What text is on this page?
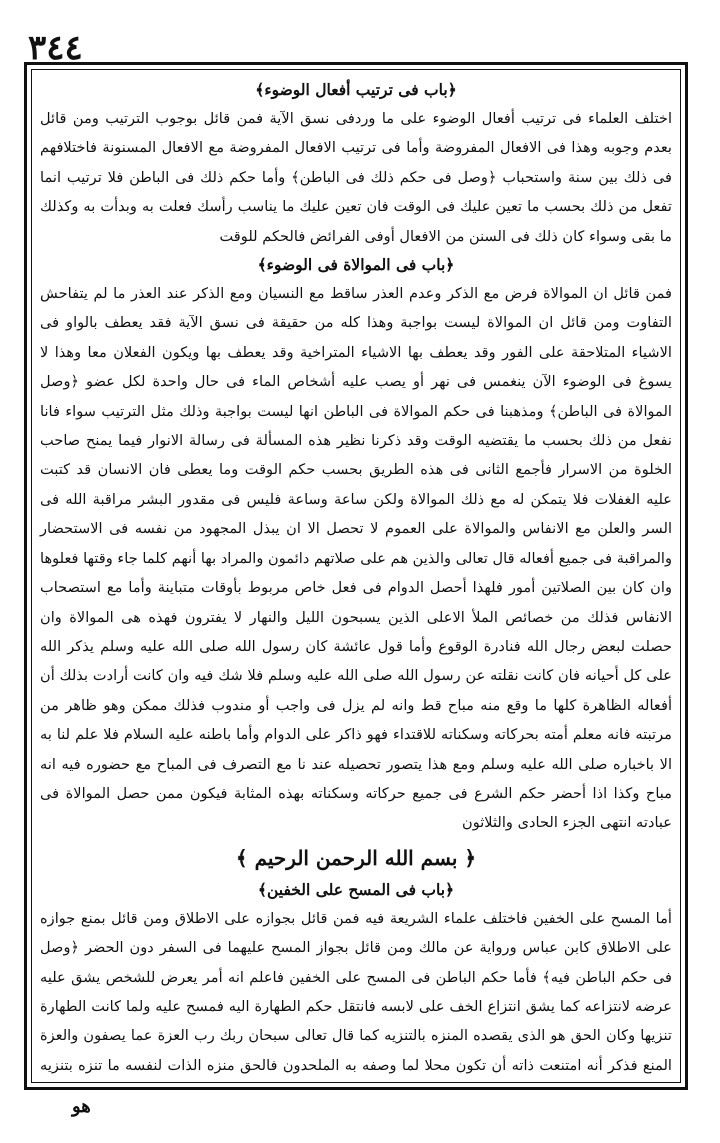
٣٤٤
﴿باب فى ترتيب أفعال الوضوء﴾

اختلف العلماء فى ترتيب أفعال الوضوء على ما وردفى نسق الآية فمن قائل بوجوب الترتيب ومن قائل بعدم وجوبه وهذا فى الافعال المفروضة وأما فى ترتيب الافعال المفروضة مع الافعال المسنونة فاختلافهم فى ذلك بين سنة واستحباب ﴿وصل فى حكم ذلك فى الباطن﴾ وأما حكم ذلك فى الباطن فلا ترتيب انما تفعل من ذلك بحسب ما تعين عليك فى الوقت فان تعين عليك ما يناسب رأسك فعلت به وبدأت به وكذلك ما بقى وسواء كان ذلك فى السنن من الافعال أوفى الفرائض فالحكم للوقت

﴿باب فى الموالاة فى الوضوء﴾

فمن قائل ان الموالاة فرض مع الذكر وعدم العذر ساقط مع النسيان ومع الذكر عند العذر ما لم يتفاحش التفاوت ومن قائل ان الموالاة ليست بواجبة وهذا كله من حقيقة فى نسق الآية فقد يعطف بالواو فى الاشياء المتلاحقة على الفور وقد يعطف بها الاشياء المتراخية وقد يعطف بها ويكون الفعلان معا وهذا لا يسوغ فى الوضوء الآن ينغمس فى نهر أو يصب عليه أشخاص الماء فى حال واحدة لكل عضو ﴿وصل الموالاة فى الباطن﴾ ومذهبنا فى حكم الموالاة فى الباطن انها ليست بواجبة وذلك مثل الترتيب سواء فانا نفعل من ذلك بحسب ما يقتضيه الوقت وقد ذكرنا نظير هذه المسألة فى رسالة الانوار فيما يمنح صاحب الخلوة من الاسرار فأجمع الثانى فى هذه الطريق بحسب حكم الوقت وما يعطى فان الانسان قد كتبت عليه الغفلات فلا يتمكن له مع ذلك الموالاة ولكن ساعة وساعة فليس فى مقدور البشر مراقبة الله فى السر والعلن مع الانفاس والموالاة على العموم لا تحصل الا ان يبذل المجهود من نفسه فى الاستحضار والمراقبة فى جميع أفعاله قال تعالى والذين هم على صلاتهم دائمون والمراد بها أنهم كلما جاء وقتها فعلوها وان كان بين الصلاتين أمور فلهذا أحصل الدوام فى فعل خاص مربوط بأوقات متباينة وأما مع استصحاب الانفاس فذلك من خصائص الملأ الاعلى الذين يسبحون الليل والنهار لا يفترون فهذه هى الموالاة وان حصلت لبعض رجال الله فنادرة الوقوع وأما قول عائشة كان رسول الله صلى الله عليه وسلم يذكر الله على كل أحيانه فان كانت نقلته عن رسول الله صلى الله عليه وسلم فلا شك فيه وان كانت أرادت بذلك أن أفعاله الظاهرة كلها ما وقع منه مباح قط وانه لم يزل فى واجب أو مندوب فذلك ممكن وهو ظاهر من مرتبته فانه معلم أمته بحركاته وسكناته للاقتداء فهو ذاكر على الدوام وأما باطنه عليه السلام فلا علم لنا به الا باخباره صلى الله عليه وسلم ومع هذا يتصور تحصيله عند نا مع التصرف فى المباح مع حضوره فيه انه مباح وكذا اذا أحضر حكم الشرع فى جميع حركاته وسكناته بهذه المثابة فيكون ممن حصل الموالاة فى عبادته انتهى الجزء الحادى والثلاثون

﴿ بسم الله الرحمن الرحيم ﴾
﴿باب فى المسح على الخفين﴾

أما المسح على الخفين فاختلف علماء الشريعة فيه فمن قائل بجوازه على الاطلاق ومن قائل بمنع جوازه على الاطلاق كابن عباس ورواية عن مالك ومن قائل بجواز المسح عليهما فى السفر دون الحضر ﴿وصل فى حكم الباطن فيه﴾ فأما حكم الباطن فى المسح على الخفين فاعلم انه أمر يعرض للشخص يشق عليه عرضه لانتزاعه كما يشق انتزاع الخف على لابسه فانتقل حكم الطهارة اليه فمسح عليه ولما كانت الطهارة تنزيها وكان الحق هو الذى يقصده المنزه بالتنزيه كما قال تعالى سبحان ربك رب العزة عما يصفون والعزة المنع فذكر أنه امتنعت ذاته أن تكون محلا لما وصفه به الملحدون فالحق منزه الذات لنفسه ما تنزه بتنزيه

هو
